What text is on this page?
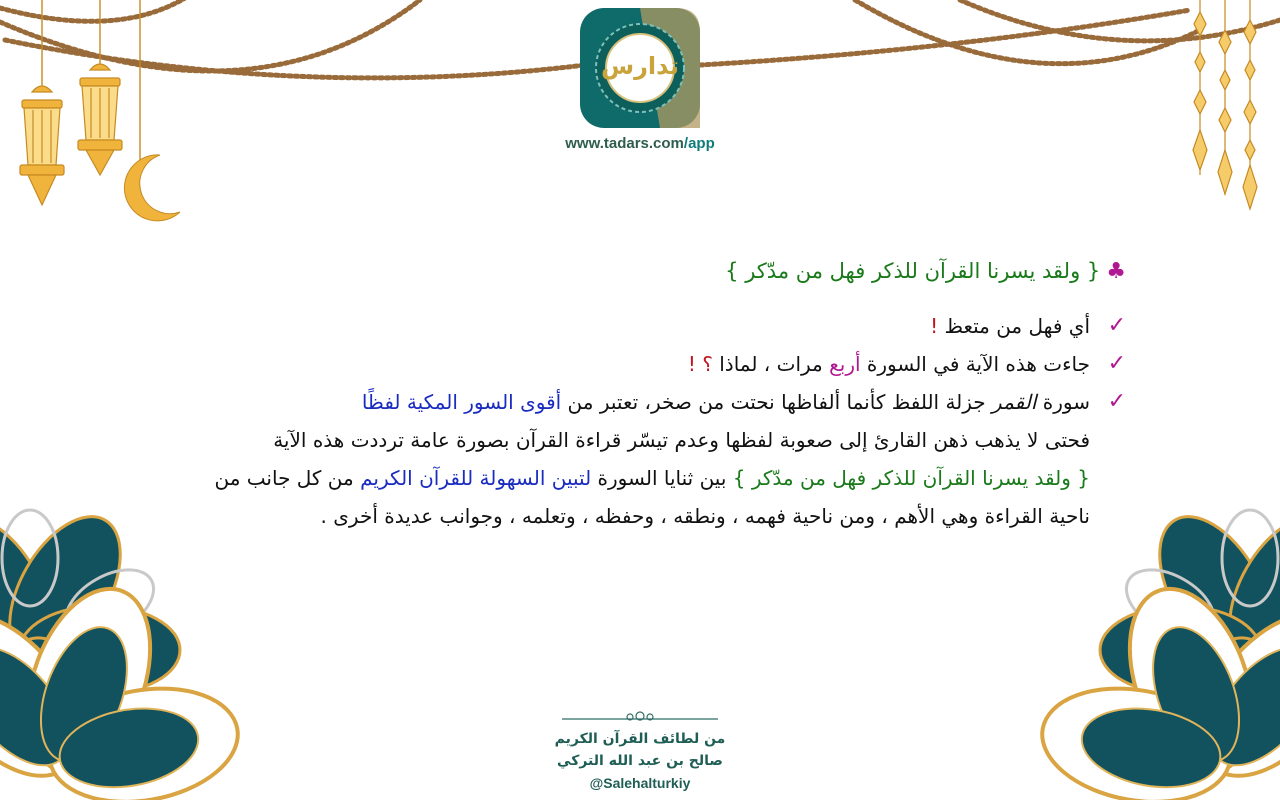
تدارس
www.tadars.com/app
♣{ ولقد يسرنا القرآن للذكر فهل من مدّكر }
✓
أي فهل من متعظ !
✓
جاءت هذه الآية في السورة أربع مرات ، لماذا ؟ !
✓
سورة القمر جزلة اللفظ كأنما ألفاظها نحتت من صخر، تعتبر من أقوى السور المكية لفظًا
فحتى لا يذهب ذهن القارئ إلى صعوبة لفظها وعدم تيسّر قراءة القرآن بصورة عامة ترددت هذه الآية
{ ولقد يسرنا القرآن للذكر فهل من مدّكر } بين ثنايا السورة لتبين السهولة للقرآن الكريم من كل جانب من
ناحية القراءة وهي الأهم ، ومن ناحية فهمه ، ونطقه ، وحفظه ، وتعلمه ، وجوانب عديدة أخرى .
من لطائف القرآن الكريم
صالح بن عبد الله التركي
@Salehalturkiy
